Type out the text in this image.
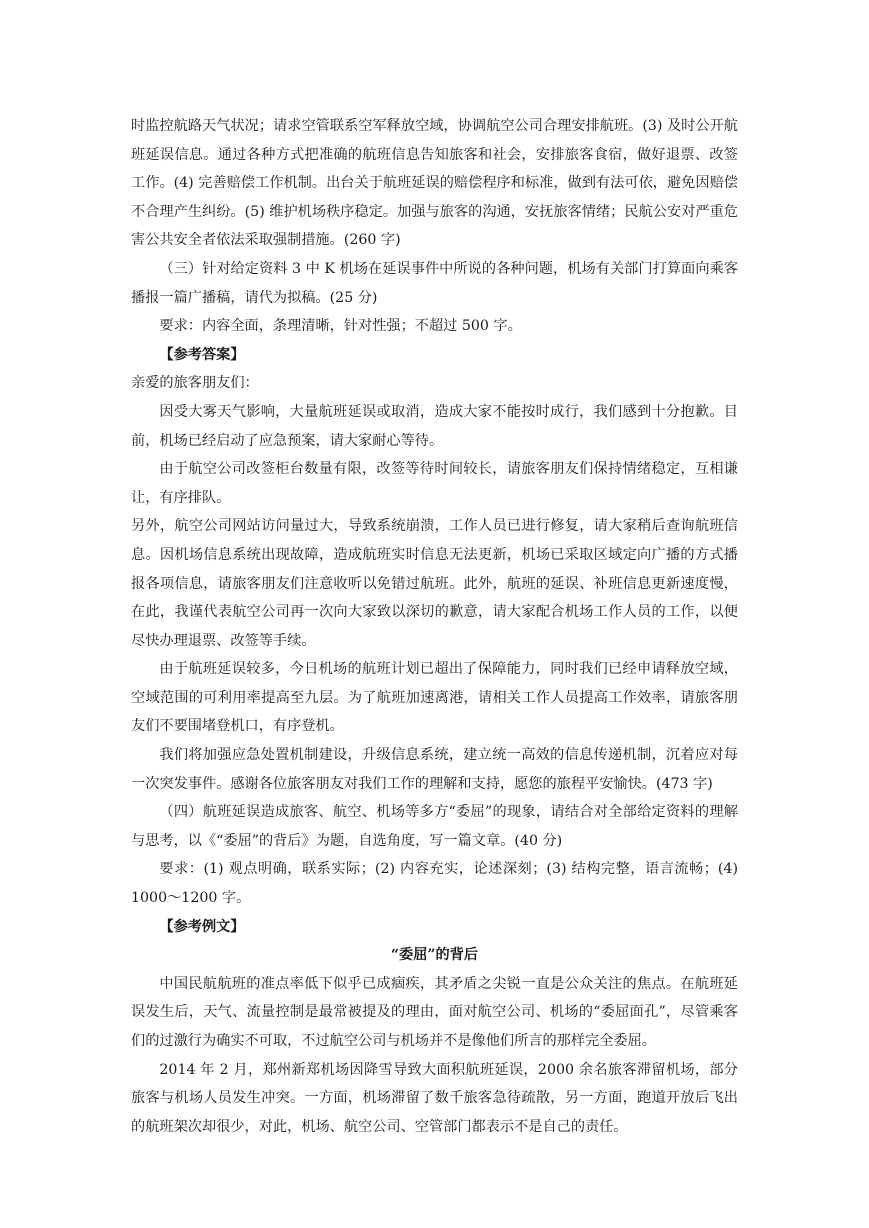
时监控航路天气状况；请求空管联系空军释放空域，协调航空公司合理安排航班。(3) 及时公开航班延误信息。通过各种方式把准确的航班信息告知旅客和社会，安排旅客食宿，做好退票、改签工作。(4) 完善赔偿工作机制。出台关于航班延误的赔偿程序和标准，做到有法可依，避免因赔偿不合理产生纠纷。(5) 维护机场秩序稳定。加强与旅客的沟通，安抚旅客情绪；民航公安对严重危害公共安全者依法采取强制措施。(260 字)

（三）针对给定资料 3 中 K 机场在延误事件中所说的各种问题，机场有关部门打算面向乘客播报一篇广播稿，请代为拟稿。(25 分)

要求：内容全面，条理清晰，针对性强；不超过 500 字。

【参考答案】

亲爱的旅客朋友们：

因受大雾天气影响，大量航班延误或取消，造成大家不能按时成行，我们感到十分抱歉。目前，机场已经启动了应急预案，请大家耐心等待。

由于航空公司改签柜台数量有限，改签等待时间较长，请旅客朋友们保持情绪稳定，互相谦让，有序排队。

另外，航空公司网站访问量过大，导致系统崩溃，工作人员已进行修复，请大家稍后查询航班信息。因机场信息系统出现故障，造成航班实时信息无法更新，机场已采取区域定向广播的方式播报各项信息，请旅客朋友们注意收听以免错过航班。此外，航班的延误、补班信息更新速度慢，在此，我谨代表航空公司再一次向大家致以深切的歉意，请大家配合机场工作人员的工作，以便尽快办理退票、改签等手续。

由于航班延误较多，今日机场的航班计划已超出了保障能力，同时我们已经申请释放空域，空域范围的可利用率提高至九层。为了航班加速离港，请相关工作人员提高工作效率，请旅客朋友们不要围堵登机口，有序登机。

我们将加强应急处置机制建设，升级信息系统，建立统一高效的信息传递机制，沉着应对每一次突发事件。感谢各位旅客朋友对我们工作的理解和支持，愿您的旅程平安愉快。(473 字)

（四）航班延误造成旅客、航空、机场等多方“委屈”的现象，请结合对全部给定资料的理解与思考，以《“委屈”的背后》为题，自选角度，写一篇文章。(40 分)

要求：(1) 观点明确，联系实际；(2) 内容充实，论述深刻；(3) 结构完整，语言流畅；(4) 1000～1200 字。

【参考例文】

“委屈”的背后

中国民航航班的准点率低下似乎已成痼疾，其矛盾之尖锐一直是公众关注的焦点。在航班延误发生后，天气、流量控制是最常被提及的理由，面对航空公司、机场的“委屈面孔”，尽管乘客们的过激行为确实不可取，不过航空公司与机场并不是像他们所言的那样完全委屈。

2014 年 2 月，郑州新郑机场因降雪导致大面积航班延误，2000 余名旅客滞留机场，部分旅客与机场人员发生冲突。一方面，机场滞留了数千旅客急待疏散，另一方面，跑道开放后飞出的航班架次却很少，对此，机场、航空公司、空管部门都表示不是自己的责任。
